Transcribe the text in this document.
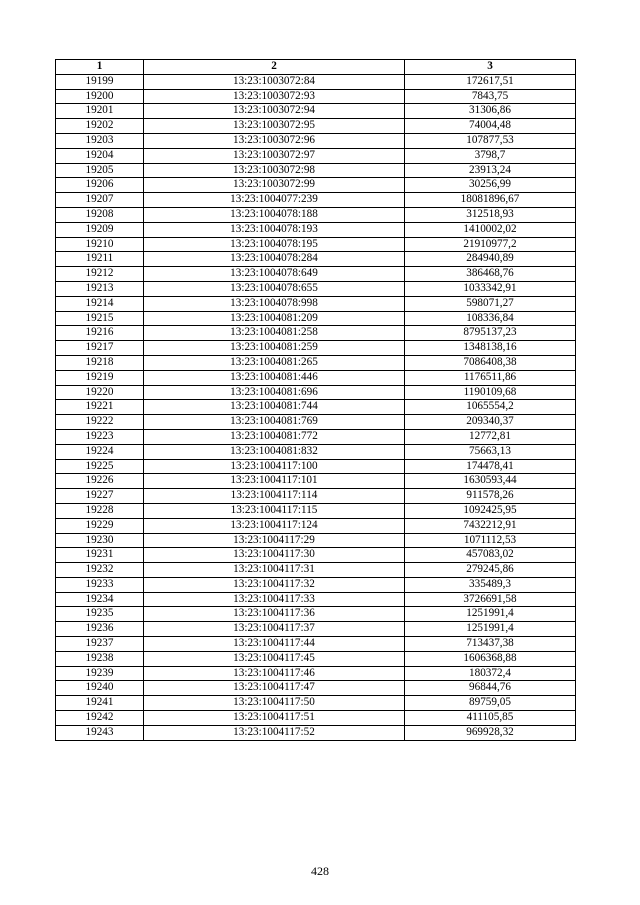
1	2	3
19199	13:23:1003072:84	172617,51
19200	13:23:1003072:93	7843,75
19201	13:23:1003072:94	31306,86
19202	13:23:1003072:95	74004,48
19203	13:23:1003072:96	107877,53
19204	13:23:1003072:97	3798,7
19205	13:23:1003072:98	23913,24
19206	13:23:1003072:99	30256,99
19207	13:23:1004077:239	18081896,67
19208	13:23:1004078:188	312518,93
19209	13:23:1004078:193	1410002,02
19210	13:23:1004078:195	21910977,2
19211	13:23:1004078:284	284940,89
19212	13:23:1004078:649	386468,76
19213	13:23:1004078:655	1033342,91
19214	13:23:1004078:998	598071,27
19215	13:23:1004081:209	108336,84
19216	13:23:1004081:258	8795137,23
19217	13:23:1004081:259	1348138,16
19218	13:23:1004081:265	7086408,38
19219	13:23:1004081:446	1176511,86
19220	13:23:1004081:696	1190109,68
19221	13:23:1004081:744	1065554,2
19222	13:23:1004081:769	209340,37
19223	13:23:1004081:772	12772,81
19224	13:23:1004081:832	75663,13
19225	13:23:1004117:100	174478,41
19226	13:23:1004117:101	1630593,44
19227	13:23:1004117:114	911578,26
19228	13:23:1004117:115	1092425,95
19229	13:23:1004117:124	7432212,91
19230	13:23:1004117:29	1071112,53
19231	13:23:1004117:30	457083,02
19232	13:23:1004117:31	279245,86
19233	13:23:1004117:32	335489,3
19234	13:23:1004117:33	3726691,58
19235	13:23:1004117:36	1251991,4
19236	13:23:1004117:37	1251991,4
19237	13:23:1004117:44	713437,38
19238	13:23:1004117:45	1606368,88
19239	13:23:1004117:46	180372,4
19240	13:23:1004117:47	96844,76
19241	13:23:1004117:50	89759,05
19242	13:23:1004117:51	411105,85
19243	13:23:1004117:52	969928,32
428
